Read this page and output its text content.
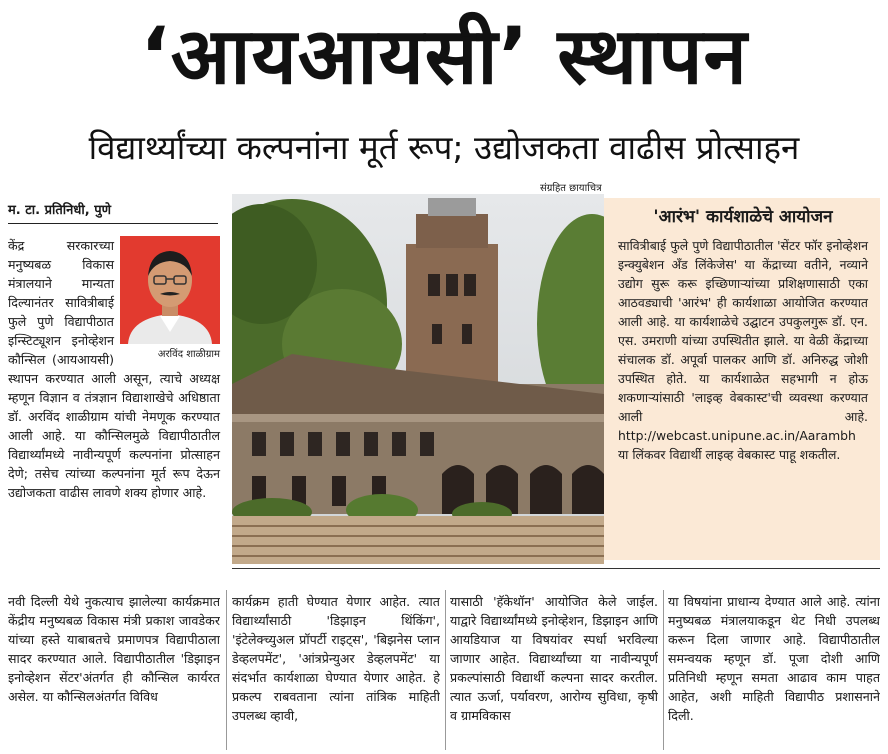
‘आयआयसी’ स्थापन
विद्यार्थ्यांच्या कल्पनांना मूर्त रूप; उद्योजकता वाढीस प्रोत्साहन
संग्रहित छायाचित्र
म. टा. प्रतिनिधी, पुणे
अरविंद शाळीग्राम

केंद्र सरकारच्या मनुष्यबळ विकास मंत्रालयाने मान्यता दिल्यानंतर सावित्रीबाई फुले पुणे विद्यापीठात इन्स्टिट्यूशन इनोव्हेशन कौन्सिल (आयआयसी) स्थापन करण्यात आली असून, त्याचे अध्यक्ष म्हणून विज्ञान व तंत्रज्ञान विद्याशाखेचे अधिष्ठाता डॉ. अरविंद शाळीग्राम यांची नेमणूक करण्यात आली आहे. या कौन्सिलमुळे विद्यापीठातील विद्यार्थ्यांमध्ये नावीन्यपूर्ण कल्पनांना प्रोत्साहन देणे; तसेच त्यांच्या कल्पनांना मूर्त रूप देऊन उद्योजकता वाढीस लावणे शक्य होणार आहे.

'आरंभ' कार्यशाळेचे आयोजन

सावित्रीबाई फुले पुणे विद्यापीठातील 'सेंटर फॉर इनोव्हेशन इन्क्युबेशन अँड लिंकेजेस' या केंद्राच्या वतीने, नव्याने उद्योग सुरू करू इच्छिणाऱ्यांच्या प्रशिक्षणासाठी एका आठवड्याची 'आरंभ' ही कार्यशाळा आयोजित करण्यात आली आहे. या कार्यशाळेचे उद्घाटन उपकुलगुरू डॉ. एन. एस. उमराणी यांच्या उपस्थितीत झाले. या वेळी केंद्राच्या संचालक डॉ. अपूर्वा पालकर आणि डॉ. अनिरुद्ध जोशी उपस्थित होते. या कार्यशाळेत सहभागी न होऊ शकणाऱ्यांसाठी 'लाइव्ह वेबकास्ट'ची व्यवस्था करण्यात आली आहे. http://webcast.unipune.ac.in/Aarambh या लिंकवर विद्यार्थी लाइव्ह वेबकास्ट पाहू शकतील.

नवी दिल्ली येथे नुकत्याच झालेल्या कार्यक्रमात केंद्रीय मनुष्यबळ विकास मंत्री प्रकाश जावडेकर यांच्या हस्ते याबाबतचे प्रमाणपत्र विद्यापीठाला सादर करण्यात आले. विद्यापीठातील 'डिझाइन इनोव्हेशन सेंटर'अंतर्गत ही कौन्सिल कार्यरत असेल. या कौन्सिलअंतर्गत विविध

कार्यक्रम हाती घेण्यात येणार आहेत. त्यात विद्यार्थ्यांसाठी 'डिझाइन थिंकिंग', 'इंटेलेक्च्युअल प्रॉपर्टी राइट्स', 'बिझनेस प्लान डेव्हलपमेंट', 'आंत्रप्रेन्युअर डेव्हलपमेंट' या संदर्भात कार्यशाळा घेण्यात येणार आहेत. हे प्रकल्प राबवताना त्यांना तांत्रिक माहिती उपलब्ध व्हावी,

यासाठी 'हॅकेथॉन' आयोजित केले जाईल. याद्वारे विद्यार्थ्यांमध्ये इनोव्हेशन, डिझाइन आणि आयडियाज या विषयांवर स्पर्धा भरविल्या जाणार आहेत. विद्यार्थ्यांच्या या नावीन्यपूर्ण प्रकल्पांसाठी विद्यार्थी कल्पना सादर करतील. त्यात ऊर्जा, पर्यावरण, आरोग्य सुविधा, कृषी व ग्रामविकास

या विषयांना प्राधान्य देण्यात आले आहे. त्यांना मनुष्यबळ मंत्रालयाकडून थेट निधी उपलब्ध करून दिला जाणार आहे. विद्यापीठातील समन्वयक म्हणून डॉ. पूजा दोशी आणि प्रतिनिधी म्हणून समता आढाव काम पाहत आहेत, अशी माहिती विद्यापीठ प्रशासनाने दिली.
